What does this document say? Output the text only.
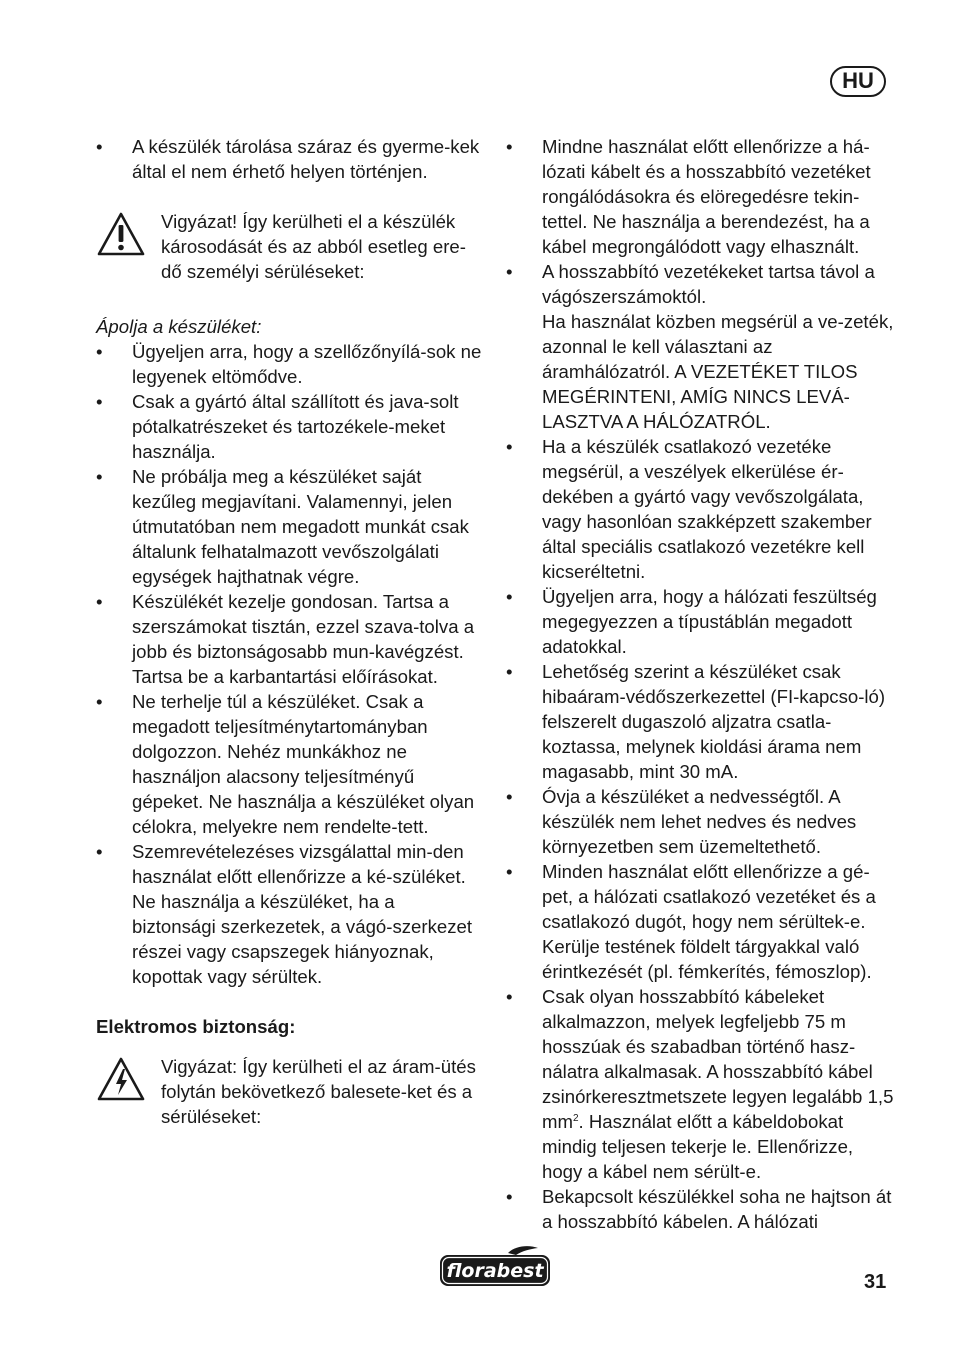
HU
• A készülék tárolása száraz és gyerme-kek által el nem érhető helyen történjen.
Vigyázat! Így kerülheti el a készülék károsodását és az abból esetleg ere-dő személyi sérüléseket:
Ápolja a készüléket:
• Ügyeljen arra, hogy a szellőzőnyílá-sok ne legyenek eltömődve.
• Csak a gyártó által szállított és java-solt pótalkatrészeket és tartozékele-meket használja.
• Ne próbálja meg a készüléket saját kezűleg megjavítani. Valamennyi, jelen útmutatóban nem megadott munkát csak általunk felhatalmazott vevőszolgálati egységek hajthatnak végre.
• Készülékét kezelje gondosan. Tartsa a szerszámokat tisztán, ezzel szava-tolva a jobb és biztonságosabb mun-kavégzést. Tartsa be a karbantartási előírásokat.
• Ne terhelje túl a készüléket. Csak a megadott teljesítménytartományban dolgozzon. Nehéz munkákhoz ne használjon alacsony teljesítményű gépeket. Ne használja a készüléket olyan célokra, melyekre nem rendelte-tett.
• Szemrevételezéses vizsgálattal min-den használat előtt ellenőrizze a ké-szüléket. Ne használja a készüléket, ha a biztonsági szerkezetek, a vágó-szerkezet részei vagy csapszegek hiányoznak, kopottak vagy sérültek.
Elektromos biztonság:
Vigyázat: Így kerülheti el az áram-ütés folytán bekövetkező balesete-ket és a sérüléseket:
• Mindne használat előtt ellenőrizze a há-lózati kábelt és a hosszabbító vezetéket rongálódásokra és elöregedésre tekin-tettel. Ne használja a berendezést, ha a kábel megrongálódott vagy elhasznált.
• A hosszabbító vezetékeket tartsa távol a vágószerszámoktól.
Ha használat közben megsérül a ve-zeték, azonnal le kell választani az áramhálózatról. A VEZETÉKET TILOS MEGÉRINTENI, AMÍG NINCS LEVÁ-LASZTVA A HÁLÓZATRÓL.
• Ha a készülék csatlakozó vezetéke megsérül, a veszélyek elkerülése ér-dekében a gyártó vagy vevőszolgálata, vagy hasonlóan szakképzett szakember által speciális csatlakozó vezetékre kell kicseréltetni.
• Ügyeljen arra, hogy a hálózati feszültség megegyezzen a típustáblán megadott adatokkal.
• Lehetőség szerint a készüléket csak hibaáram-védőszerkezettel (FI-kapcso-ló) felszerelt dugaszoló aljzatra csatla-koztassa, melynek kioldási árama nem magasabb, mint 30 mA.
• Óvja a készüléket a nedvességtől. A készülék nem lehet nedves és nedves környezetben sem üzemeltethető.
• Minden használat előtt ellenőrizze a gé-pet, a hálózati csatlakozó vezetéket és a csatlakozó dugót, hogy nem sérültek-e. Kerülje testének földelt tárgyakkal való érintkezését (pl. fémkerítés, fémoszlop).
• Csak olyan hosszabbító kábeleket alkalmazzon, melyek legfeljebb 75 m hosszúak és szabadban történő hasz-nálatra alkalmasak. A hosszabbító kábel zsinórkeresztmetszete legyen legalább 1,5 $mm^2$. Használat előtt a kábeldobokat mindig teljesen tekerje le. Ellenőrizze, hogy a kábel nem sérült-e.
• Bekapcsolt készülékkel soha ne hajtson át a hosszabbító kábelen. A hálózati
florabest	31
